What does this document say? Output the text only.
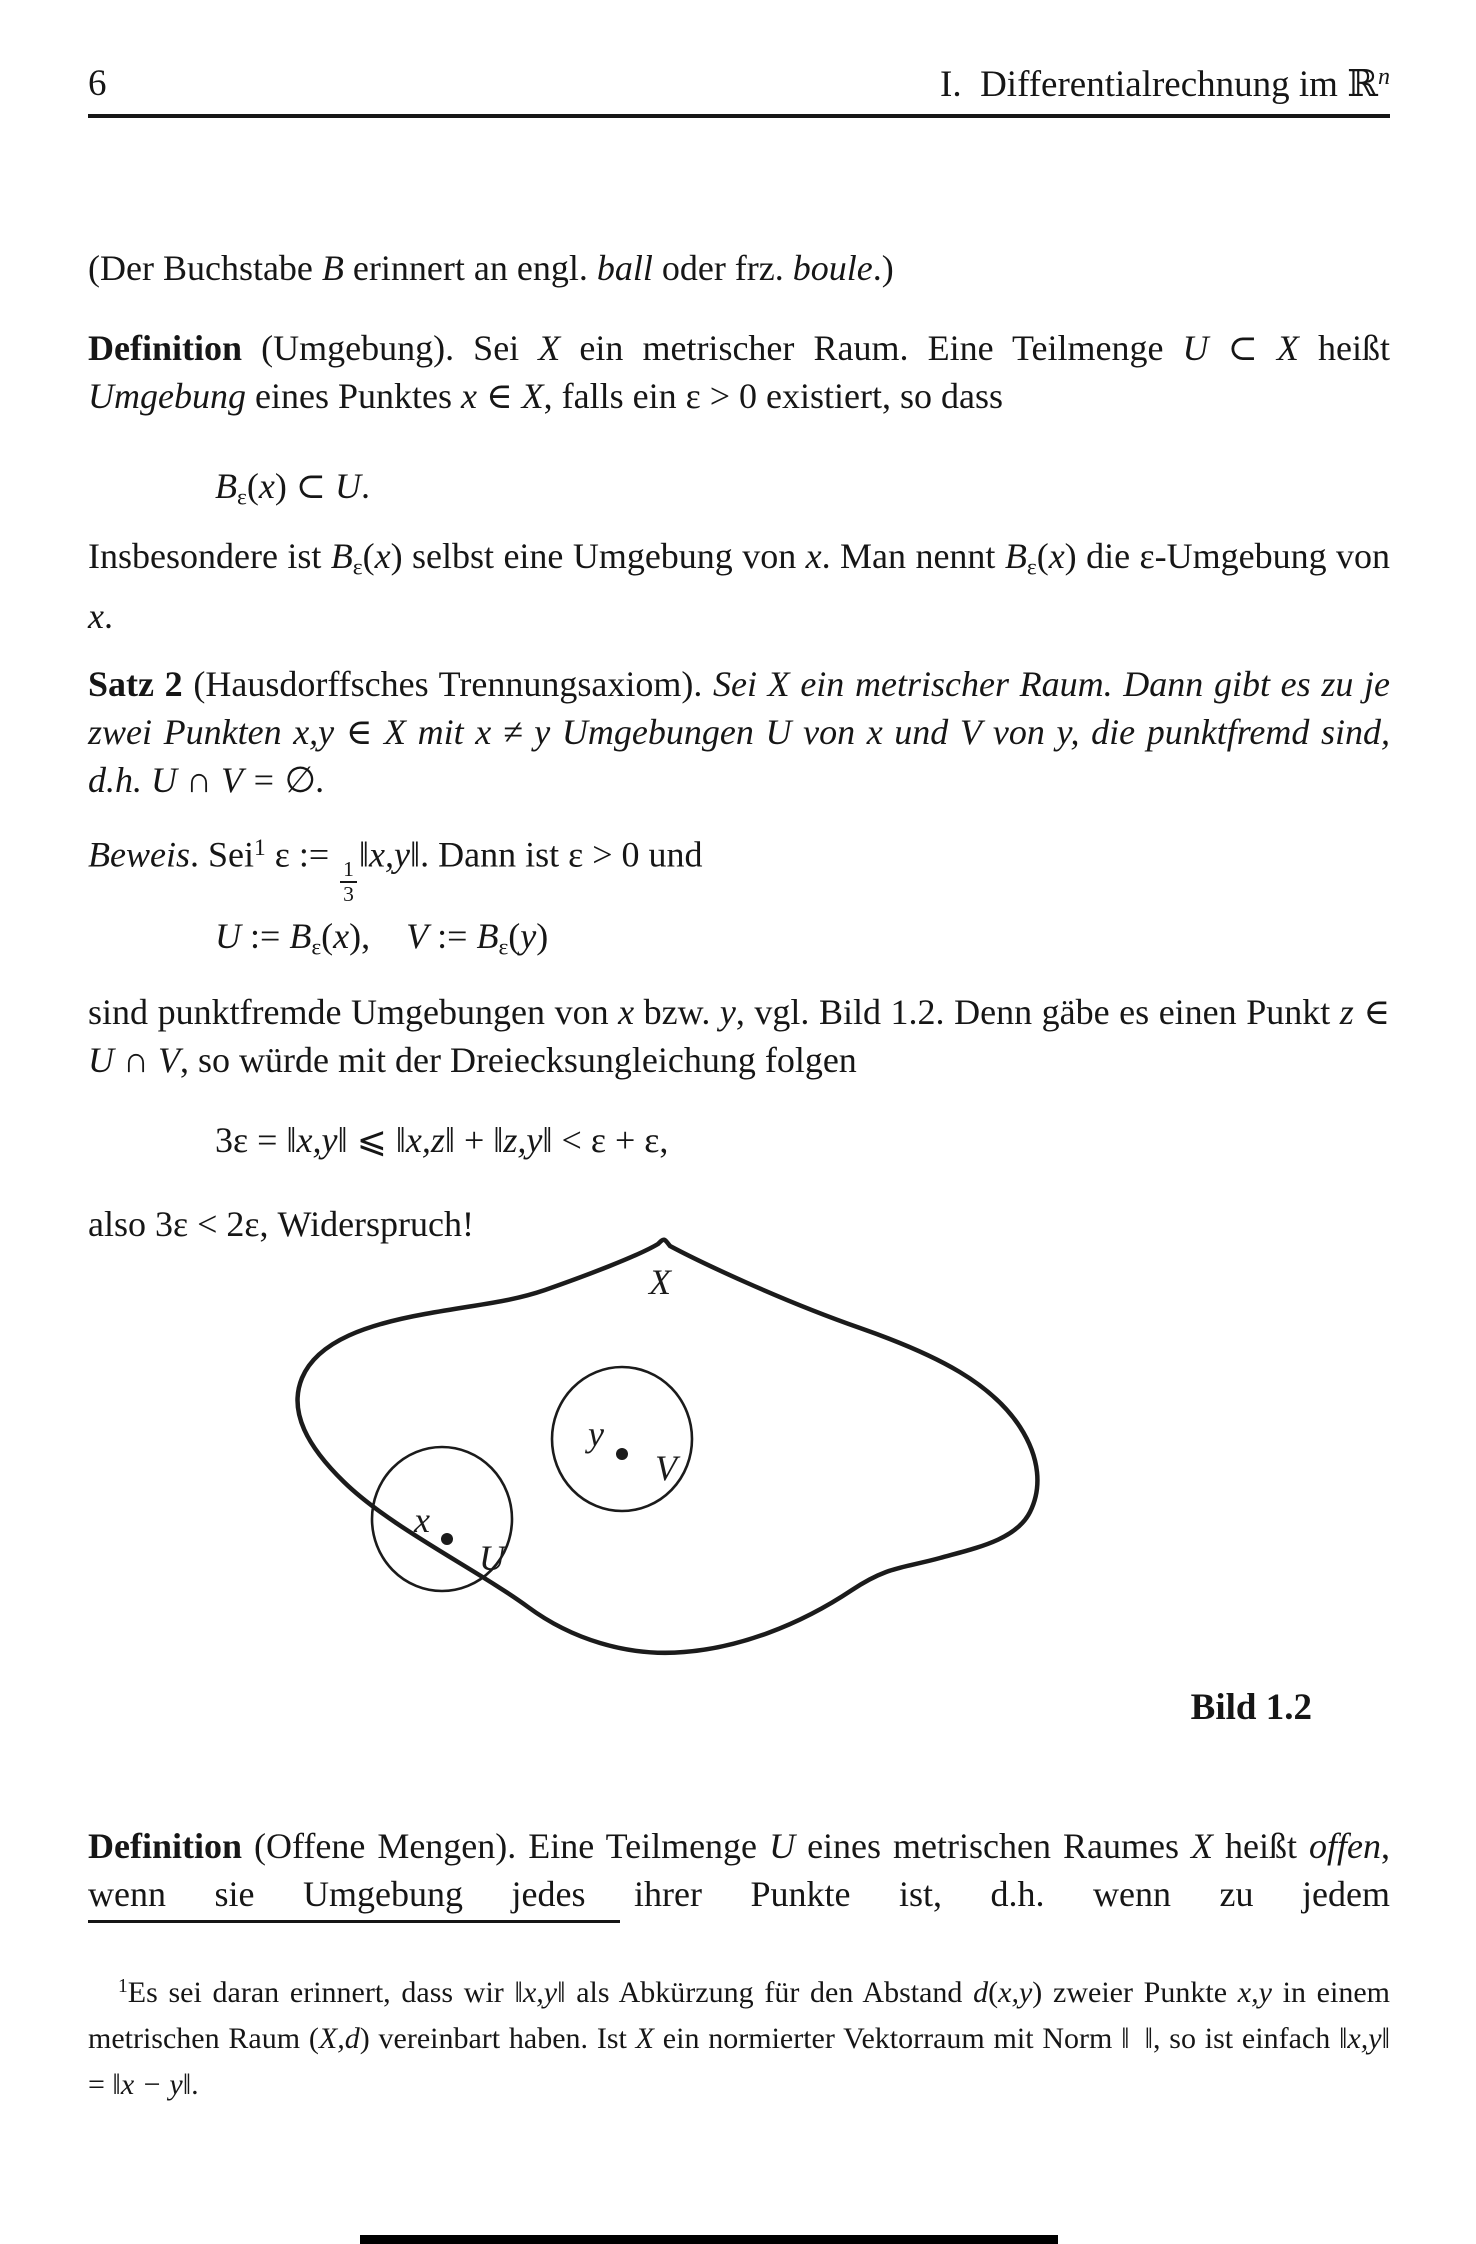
6	I. Differentialrechnung im ℝ$^n$

(Der Buchstabe B erinnert an engl. ball oder frz. boule.)

Definition (Umgebung). Sei X ein metrischer Raum. Eine Teilmenge U ⊂ X heißt Umgebung eines Punktes x ∈ X, falls ein ε > 0 existiert, so dass

Bε(x) ⊂ U.

Insbesondere ist Bε(x) selbst eine Umgebung von x. Man nennt Bε(x) die ε-Umgebung von x.

Satz 2 (Hausdorffsches Trennungsaxiom). Sei X ein metrischer Raum. Dann gibt es zu je zwei Punkten x,y ∈ X mit x ≠ y Umgebungen U von x und V von y, die punktfremd sind, d.h. U ∩ V = ∅.

Beweis. Sei$^1$ ε :=
$\frac{1}{3}$
‖x,y‖. Dann ist ε > 0 und

U := Bε(x), V := Bε(y)

sind punktfremde Umgebungen von x bzw. y, vgl. Bild 1.2. Denn gäbe es einen Punkt z ∈ U ∩ V, so würde mit der Dreiecksungleichung folgen

3ε = ‖x,y‖ ⩽ ‖x,z‖ + ‖z,y‖ < ε + ε,

also 3ε < 2ε, Widerspruch!

X
x
U
y
V
Bild 1.2

Definition (Offene Mengen). Eine Teilmenge U eines metrischen Raumes X heißt offen, wenn sie Umgebung jedes ihrer Punkte ist, d.h. wenn zu jedem

$^1$Es sei daran erinnert, dass wir ‖x,y‖ als Abkürzung für den Abstand d(x,y) zweier Punkte x,y in einem metrischen Raum (X,d) vereinbart haben. Ist X ein normierter Vektorraum mit Norm ‖ ‖, so ist einfach ‖x,y‖ = ‖x − y‖.
